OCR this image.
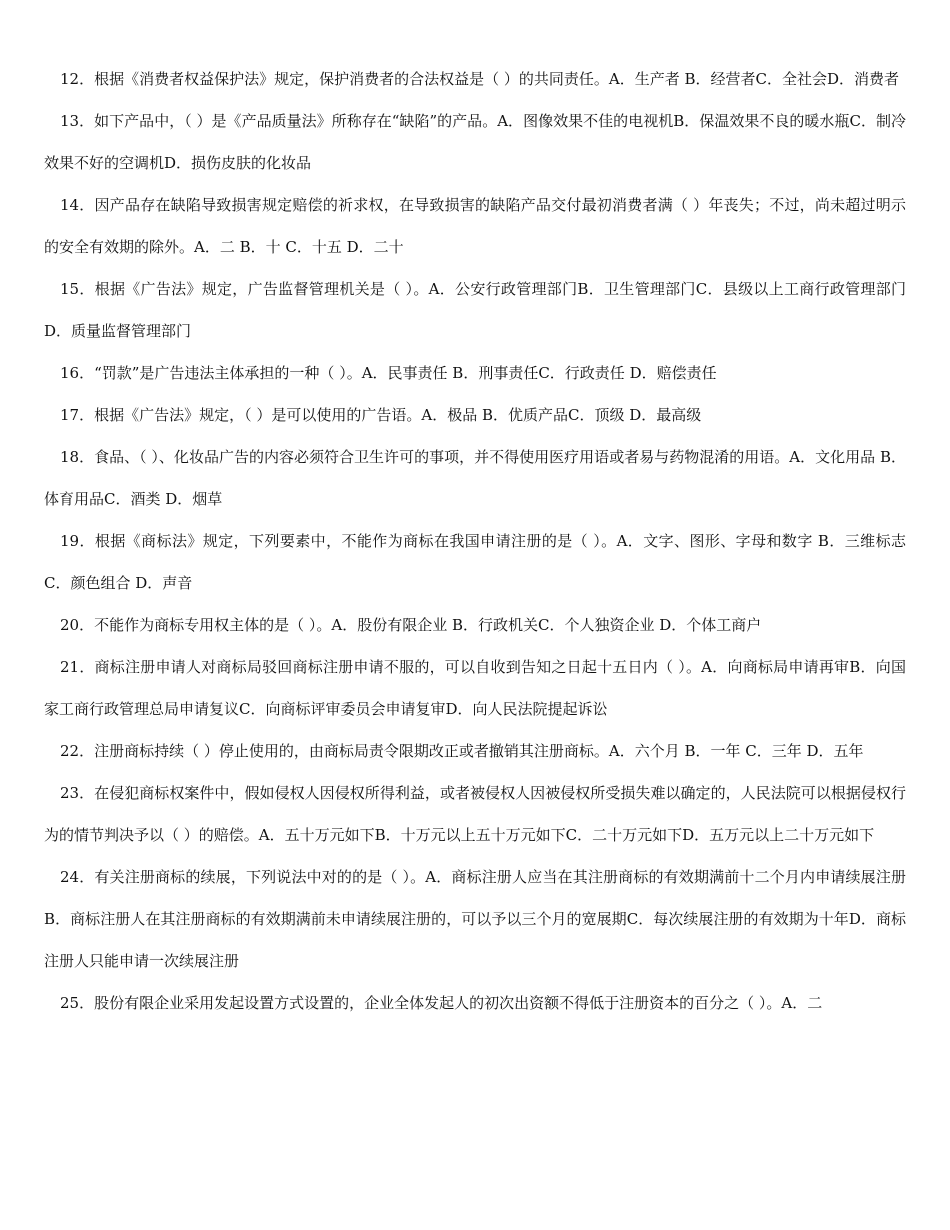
12．根据《消费者权益保护法》规定，保护消费者的合法权益是（ ）的共同责任。A．生产者 B．经营者C．全社会D．消费者

13．如下产品中，（ ）是《产品质量法》所称存在“缺陷”的产品。A．图像效果不佳的电视机B．保温效果不良的暖水瓶C．制冷效果不好的空调机D．损伤皮肤的化妆品

14．因产品存在缺陷导致损害规定赔偿的祈求权，在导致损害的缺陷产品交付最初消费者满（ ）年丧失；不过，尚未超过明示的安全有效期的除外。A．二 B．十 C．十五 D．二十

15．根据《广告法》规定，广告监督管理机关是（ ）。A．公安行政管理部门B．卫生管理部门C．县级以上工商行政管理部门D．质量监督管理部门

16．“罚款”是广告违法主体承担的一种（ ）。A．民事责任 B．刑事责任C．行政责任 D．赔偿责任

17．根据《广告法》规定，（ ）是可以使用的广告语。A．极品 B．优质产品C．顶级 D．最高级

18．食品、（ ）、化妆品广告的内容必须符合卫生许可的事项，并不得使用医疗用语或者易与药物混淆的用语。A．文化用品 B．体育用品C．酒类 D．烟草

19．根据《商标法》规定，下列要素中，不能作为商标在我国申请注册的是（ ）。A．文字、图形、字母和数字 B．三维标志C．颜色组合 D．声音

20．不能作为商标专用权主体的是（ ）。A．股份有限企业 B．行政机关C．个人独资企业 D．个体工商户

21．商标注册申请人对商标局驳回商标注册申请不服的，可以自收到告知之日起十五日内（ ）。A．向商标局申请再审B．向国家工商行政管理总局申请复议C．向商标评审委员会申请复审D．向人民法院提起诉讼

22．注册商标持续（ ）停止使用的，由商标局责令限期改正或者撤销其注册商标。A．六个月 B．一年 C．三年 D．五年

23．在侵犯商标权案件中，假如侵权人因侵权所得利益，或者被侵权人因被侵权所受损失难以确定的，人民法院可以根据侵权行为的情节判决予以（ ）的赔偿。A．五十万元如下B．十万元以上五十万元如下C．二十万元如下D．五万元以上二十万元如下

24．有关注册商标的续展，下列说法中对的的是（ ）。A．商标注册人应当在其注册商标的有效期满前十二个月内申请续展注册B．商标注册人在其注册商标的有效期满前未申请续展注册的，可以予以三个月的宽展期C．每次续展注册的有效期为十年D．商标注册人只能申请一次续展注册

25．股份有限企业采用发起设置方式设置的，企业全体发起人的初次出资额不得低于注册资本的百分之（ ）。A．二
